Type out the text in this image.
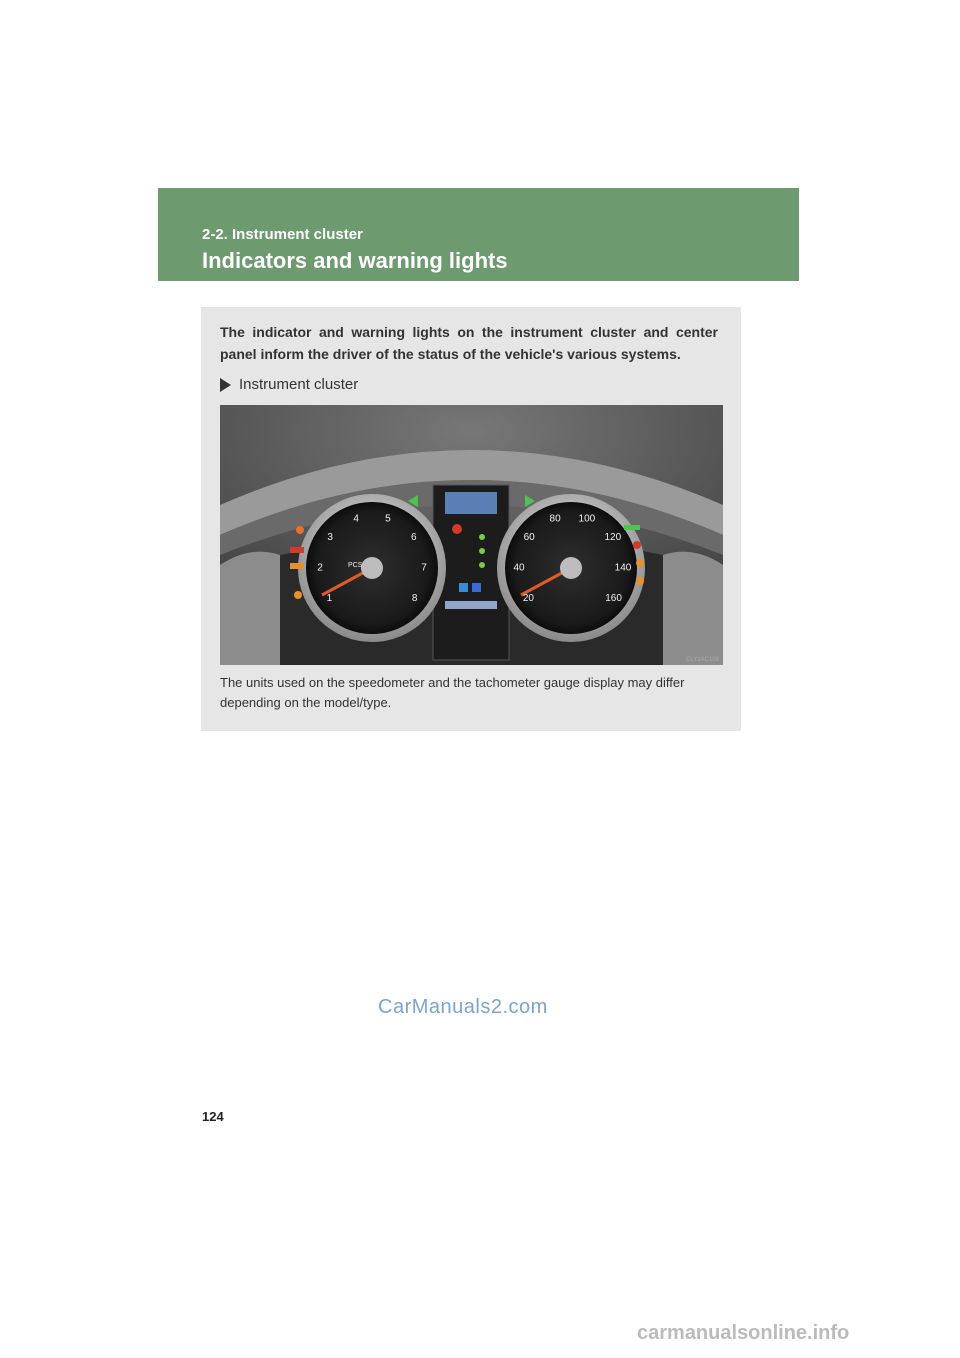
2-2. Instrument cluster
Indicators and warning lights
The indicator and warning lights on the instrument cluster and center panel inform the driver of the status of the vehicle's various systems.
Instrument cluster
1
2
3
4	5
6
7
8	20
40
60
80 100
120
140
160
PCS
CLY2AC108
The units used on the speedometer and the tachometer gauge display may differ depending on the model/type.
CarManuals2.com
124
carmanualsonline.info
